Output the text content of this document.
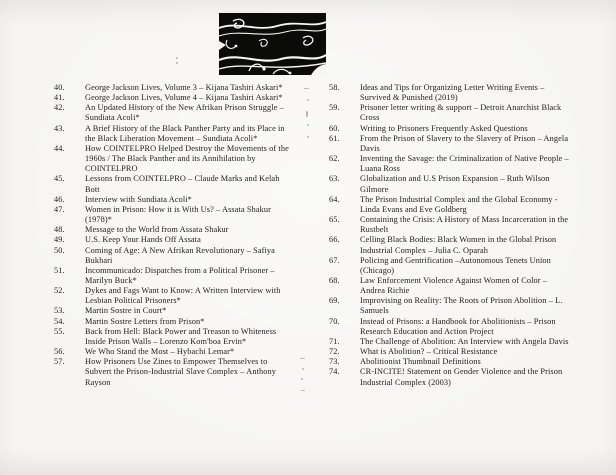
40.	George Jackson Lives, Volume 3 – Kijana Tashiri Askari*
41.	George Jackson Lives, Volume 4 – Kijana Tashiri Askari*
42.	An Updated History of the New Afrikan Prison Struggle –
Sundiata Acoli*
43.	A Brief History of the Black Panther Party and its Place in
the Black Liberation Movement – Sundiata Acoli*
44.	How COINTELPRO Helped Destroy the Movements of the
1960s / The Black Panther and its Annihilation by
COINTELPRO
45.	Lessons from COINTELPRO – Claude Marks and Kelah
Bott
46.	Interview with Sundiata Acoli*
47.	Women in Prison: How it is With Us? – Assata Shakur
(1978)*
48.	Message to the World from Assata Shakur
49.	U.S. Keep Your Hands Off Assata
50.	Coming of Age: A New Afrikan Revolutionary – Safiya
Bukhari
51.	Incommunicado: Dispatches from a Political Prisoner –
Marilyn Buck*
52.	Dykes and Fags Want to Know: A Written Interview with
Lesbian Political Prisoners*
53.	Martin Sostre in Court*
54.	Martin Sostre Letters from Prison*
55.	Back from Hell: Black Power and Treason to Whiteness
Inside Prison Walls – Lorenzo Kom'boa Ervin*
56.	We Who Stand the Most – Hybachi Lemar*
57.	How Prisoners Use Zines to Empower Themselves to
Subvert the Prison-Industrial Slave Complex – Anthony
Rayson
58.	Ideas and Tips for Organizing Letter Writing Events –
Survived & Punished (2019)
59.	Prisoner letter writing & support – Detroit Anarchist Black
Cross
60.	Writing to Prisoners Frequently Asked Questions
61.	From the Prison of Slavery to the Slavery of Prison – Angela
Davis
62.	Inventing the Savage: the Criminalization of Native People –
Luana Ross
63.	Globalization and U.S Prison Expansion – Ruth Wilson
Gilmore
64.	The Prison Industrial Complex and the Global Economy -
Linda Evans and Eve Goldberg
65.	Containing the Crisis: A History of Mass Incarceration in the
Rustbelt
66.	Celling Black Bodies: Black Women in the Global Prison
Industrial Complex – Julia C. Oparah
67.	Policing and Gentrification –Autonomous Tenets Union
(Chicago)
68.	Law Enforcement Violence Against Women of Color –
Andrea Richie
69.	Improvising on Reality: The Roots of Prison Abolition – L.
Samuels
70.	Instead of Prisons: a Handbook for Abolitionists – Prison
Research Education and Action Project
71.	The Challenge of Abolition: An Interview with Angela Davis
72.	What is Abolition? – Critical Resistance
73.	Abolitionist Thumbnail Definitions
74.	CR-INCITE! Statement on Gender Violence and the Prison
Industrial Complex (2003)
